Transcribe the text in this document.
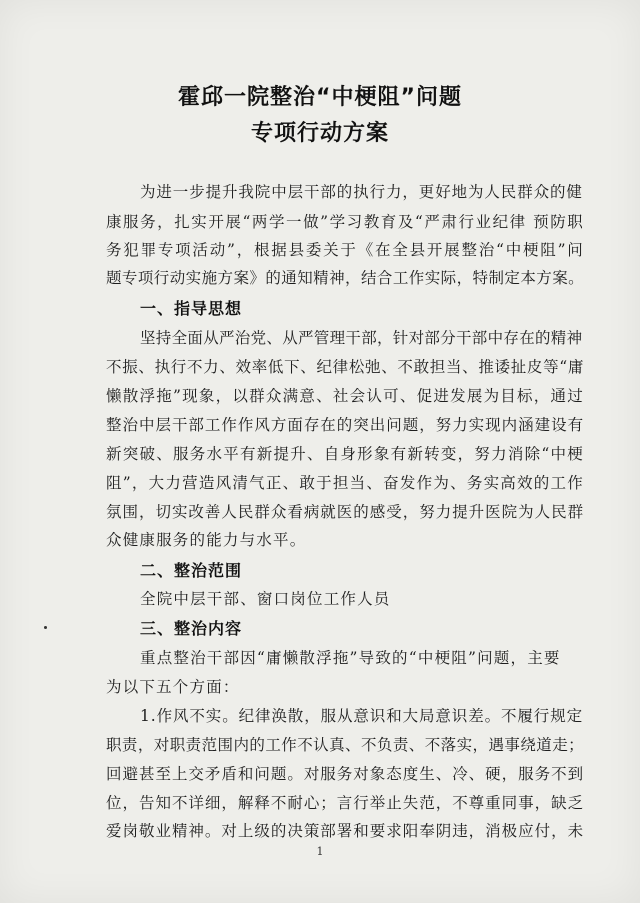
霍邱一院整治“中梗阻”问题
专项行动方案
为进一步提升我院中层干部的执行力，更好地为人民群众的健
康服务，扎实开展“两学一做”学习教育及“严肃行业纪律 预防职
务犯罪专项活动”，根据县委关于《在全县开展整治“中梗阻”问
题专项行动实施方案》的通知精神，结合工作实际，特制定本方案。
一、指导思想
坚持全面从严治党、从严管理干部，针对部分干部中存在的精神
不振、执行不力、效率低下、纪律松弛、不敢担当、推诿扯皮等“庸
懒散浮拖”现象，以群众满意、社会认可、促进发展为目标，通过
整治中层干部工作作风方面存在的突出问题，努力实现内涵建设有
新突破、服务水平有新提升、自身形象有新转变，努力消除“中梗
阻”，大力营造风清气正、敢于担当、奋发作为、务实高效的工作
氛围，切实改善人民群众看病就医的感受，努力提升医院为人民群
众健康服务的能力与水平。
二、整治范围
全院中层干部、窗口岗位工作人员
三、整治内容
重点整治干部因“庸懒散浮拖”导致的“中梗阻”问题，主要
为以下五个方面：
1.作风不实。纪律涣散，服从意识和大局意识差。不履行规定
职责，对职责范围内的工作不认真、不负责、不落实，遇事绕道走；
回避甚至上交矛盾和问题。对服务对象态度生、冷、硬，服务不到
位，告知不详细，解释不耐心；言行举止失范，不尊重同事，缺乏
爱岗敬业精神。对上级的决策部署和要求阳奉阴违，消极应付，未
1
